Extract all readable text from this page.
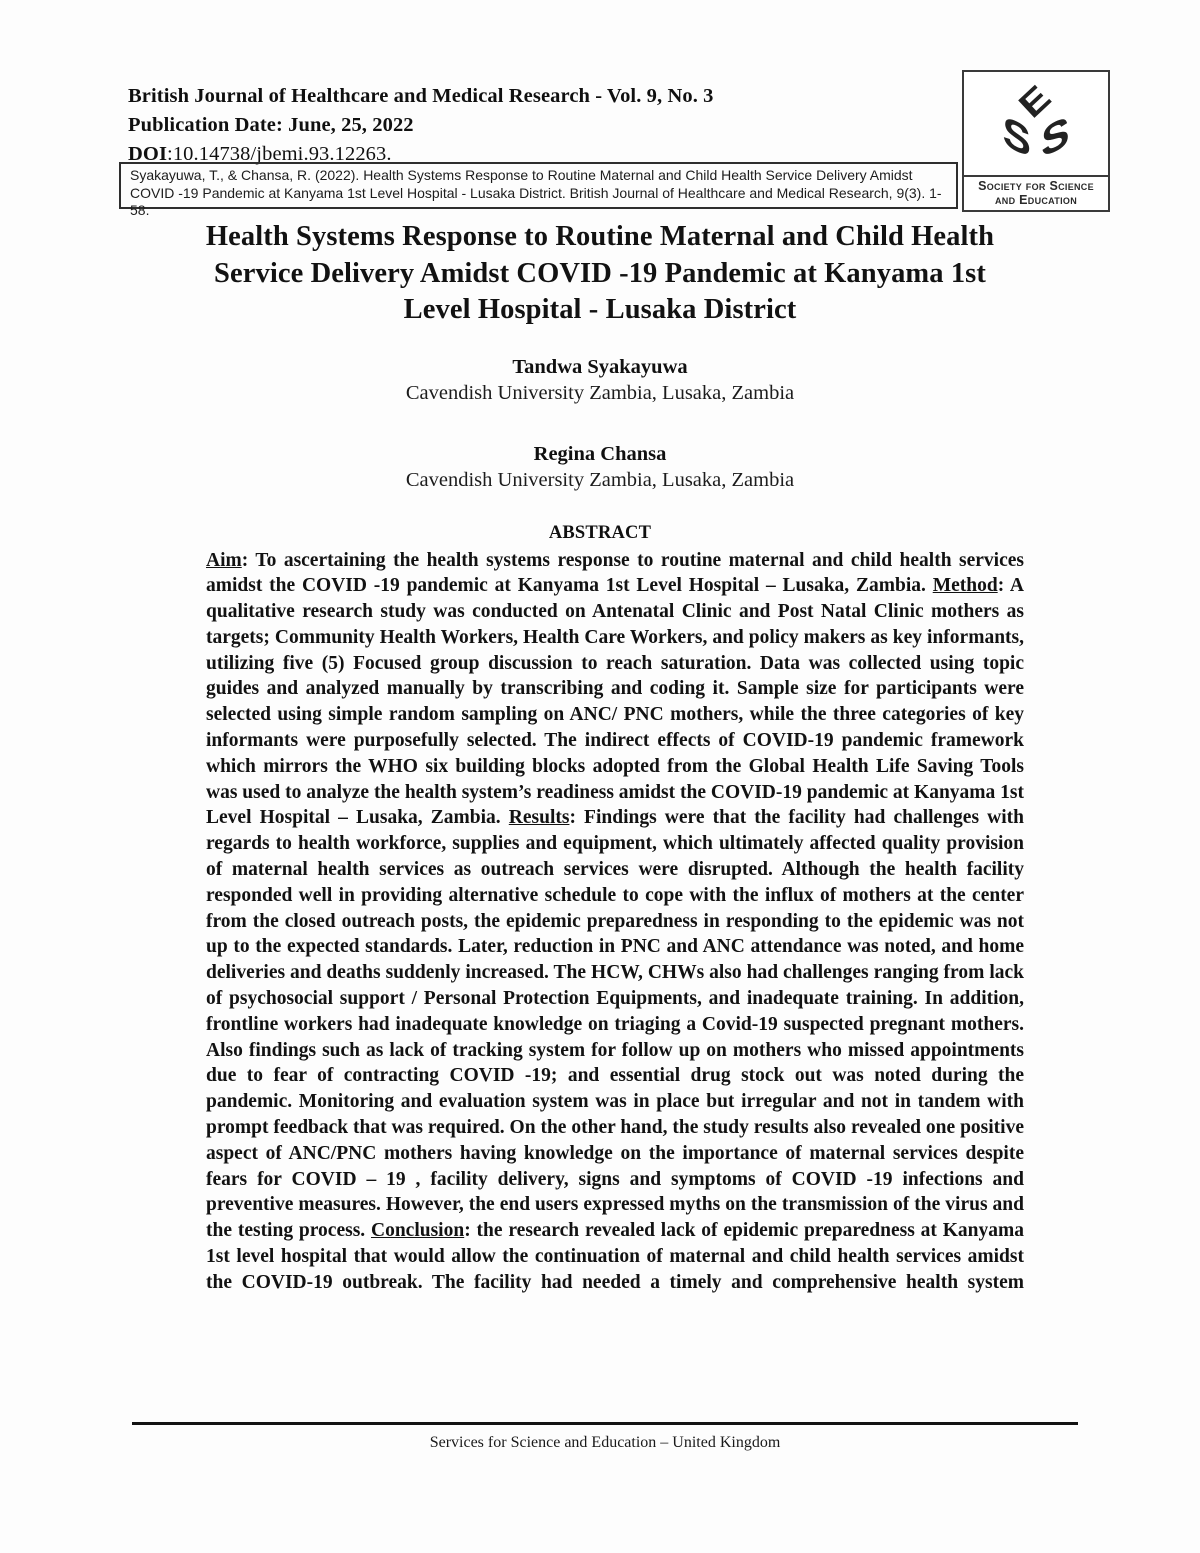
British Journal of Healthcare and Medical Research - Vol. 9, No. 3
Publication Date: June, 25, 2022
DOI:10.14738/jbemi.93.12263.

Syakayuwa, T., & Chansa, R. (2022). Health Systems Response to Routine Maternal and Child Health Service Delivery Amidst COVID -19 Pandemic at Kanyama 1st Level Hospital - Lusaka District. British Journal of Healthcare and Medical Research, 9(3). 1-58.

E
S S
Society for Science
and Education
Health Systems Response to Routine Maternal and Child Health
Service Delivery Amidst COVID -19 Pandemic at Kanyama 1st
Level Hospital - Lusaka District
Tandwa Syakayuwa
Cavendish University Zambia, Lusaka, Zambia
Regina Chansa
Cavendish University Zambia, Lusaka, Zambia
ABSTRACT

Aim: To ascertaining the health systems response to routine maternal and child health services amidst the COVID -19 pandemic at Kanyama 1st Level Hospital – Lusaka, Zambia. Method: A qualitative research study was conducted on Antenatal Clinic and Post Natal Clinic mothers as targets; Community Health Workers, Health Care Workers, and policy makers as key informants, utilizing five (5) Focused group discussion to reach saturation. Data was collected using topic guides and analyzed manually by transcribing and coding it. Sample size for participants were selected using simple random sampling on ANC/ PNC mothers, while the three categories of key informants were purposefully selected. The indirect effects of COVID-19 pandemic framework which mirrors the WHO six building blocks adopted from the Global Health Life Saving Tools was used to analyze the health system’s readiness amidst the COVID-19 pandemic at Kanyama 1st Level Hospital – Lusaka, Zambia. Results: Findings were that the facility had challenges with regards to health workforce, supplies and equipment, which ultimately affected quality provision of maternal health services as outreach services were disrupted. Although the health facility responded well in providing alternative schedule to cope with the influx of mothers at the center from the closed outreach posts, the epidemic preparedness in responding to the epidemic was not up to the expected standards. Later, reduction in PNC and ANC attendance was noted, and home deliveries and deaths suddenly increased. The HCW, CHWs also had challenges ranging from lack of psychosocial support / Personal Protection Equipments, and inadequate training. In addition, frontline workers had inadequate knowledge on triaging a Covid-19 suspected pregnant mothers. Also findings such as lack of tracking system for follow up on mothers who missed appointments due to fear of contracting COVID -19; and essential drug stock out was noted during the pandemic. Monitoring and evaluation system was in place but irregular and not in tandem with prompt feedback that was required. On the other hand, the study results also revealed one positive aspect of ANC/PNC mothers having knowledge on the importance of maternal services despite fears for COVID – 19 , facility delivery, signs and symptoms of COVID -19 infections and preventive measures. However, the end users expressed myths on the transmission of the virus and the testing process. Conclusion: the research revealed lack of epidemic preparedness at Kanyama 1st level hospital that would allow the continuation of maternal and child health services amidst the COVID-19 outbreak. The facility had needed a timely and comprehensive health system

Services for Science and Education – United Kingdom
